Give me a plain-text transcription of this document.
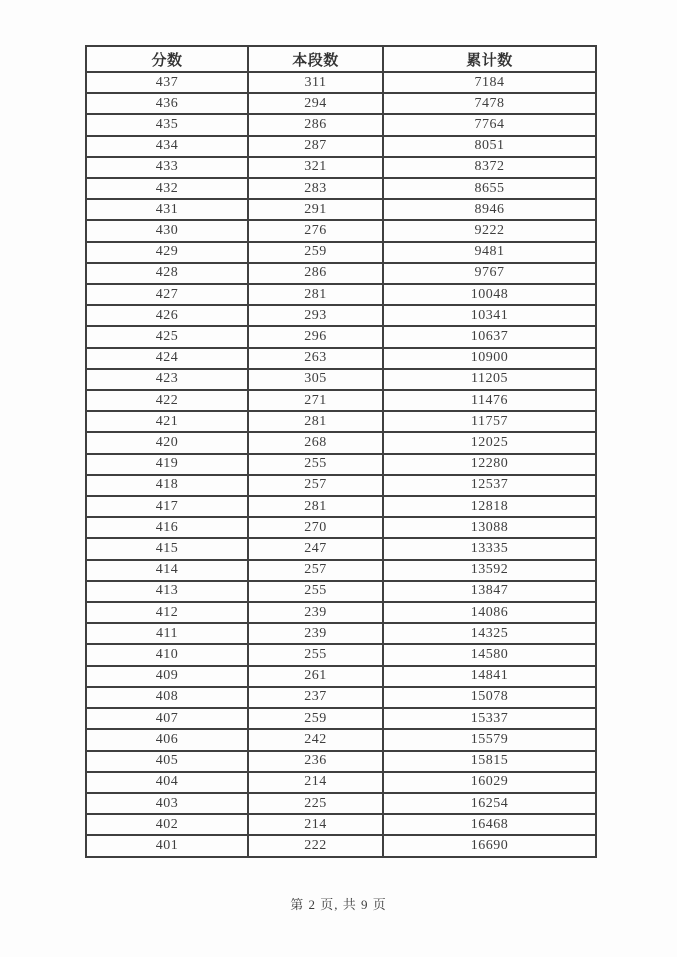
分数	本段数	累计数
437	311	7184
436	294	7478
435	286	7764
434	287	8051
433	321	8372
432	283	8655
431	291	8946
430	276	9222
429	259	9481
428	286	9767
427	281	10048
426	293	10341
425	296	10637
424	263	10900
423	305	11205
422	271	11476
421	281	11757
420	268	12025
419	255	12280
418	257	12537
417	281	12818
416	270	13088
415	247	13335
414	257	13592
413	255	13847
412	239	14086
411	239	14325
410	255	14580
409	261	14841
408	237	15078
407	259	15337
406	242	15579
405	236	15815
404	214	16029
403	225	16254
402	214	16468
401	222	16690
第 2 页, 共 9 页
